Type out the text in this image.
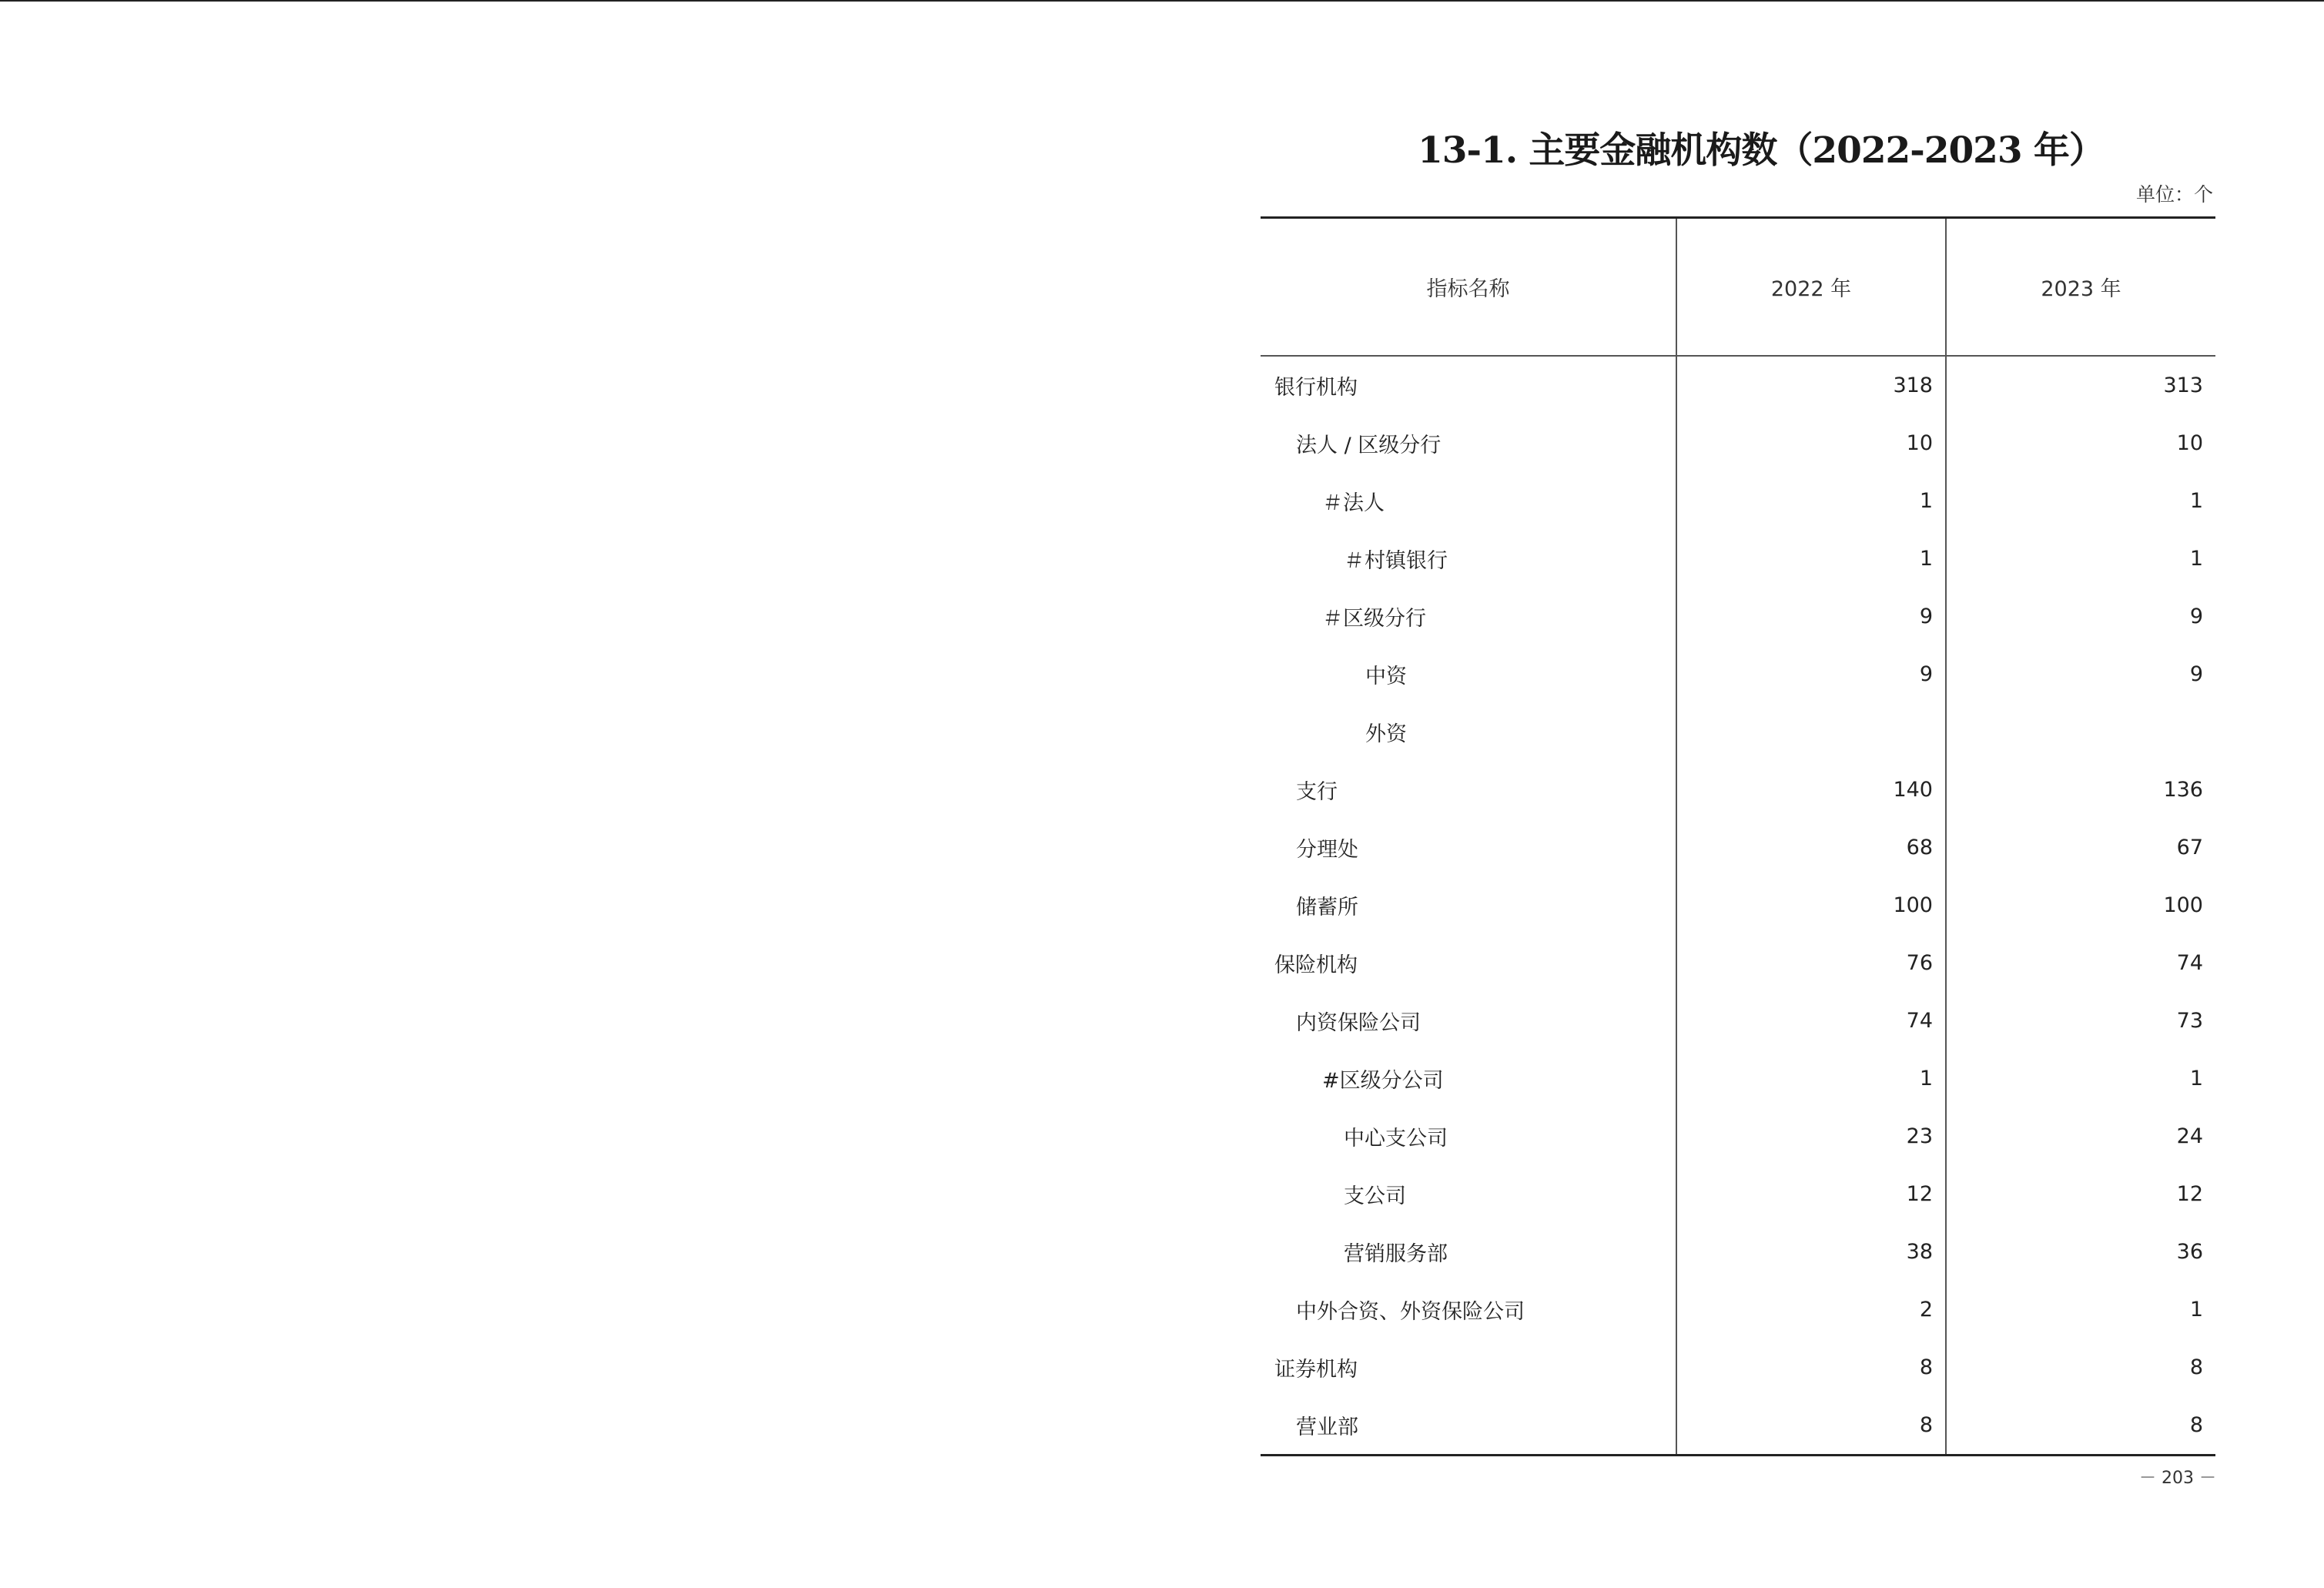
13-1. 主要金融机构数（2022-2023 年）
单位：个
指标名称	2022 年	2023 年
银行机构	318	313
法人 / 区级分行	10	10
＃法人	1	1
＃村镇银行	1	1
＃区级分行	9	9
中资	9	9
外资		
支行	140	136
分理处	68	67
储蓄所	100	100
保险机构	76	74
内资保险公司	74	73
#区级分公司	1	1
中心支公司	23	24
支公司	12	12
营销服务部	38	36
中外合资、外资保险公司	2	1
证券机构	8	8
营业部	8	8
－ 203 －
